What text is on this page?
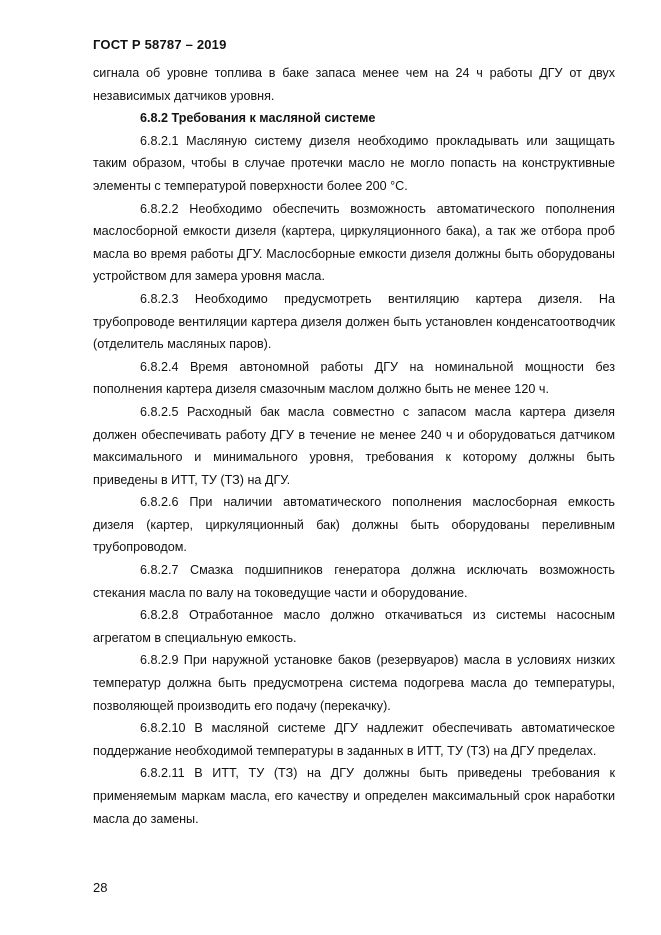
ГОСТ Р 58787 – 2019

сигнала об уровне топлива в баке запаса менее чем на 24 ч работы ДГУ от двух независимых датчиков уровня.

6.8.2 Требования к масляной системе

6.8.2.1 Масляную систему дизеля необходимо прокладывать или защищать таким образом, чтобы в случае протечки масло не могло попасть на конструктивные элементы с температурой поверхности более 200 °С.

6.8.2.2 Необходимо обеспечить возможность автоматического пополнения маслосборной емкости дизеля (картера, циркуляционного бака), а так же отбора проб масла во время работы ДГУ. Маслосборные емкости дизеля должны быть оборудованы устройством для замера уровня масла.

6.8.2.3 Необходимо предусмотреть вентиляцию картера дизеля. На трубопроводе вентиляции картера дизеля должен быть установлен конденсатоотводчик (отделитель масляных паров).

6.8.2.4 Время автономной работы ДГУ на номинальной мощности без пополнения картера дизеля смазочным маслом должно быть не менее 120 ч.

6.8.2.5 Расходный бак масла совместно с запасом масла картера дизеля должен обеспечивать работу ДГУ в течение не менее 240 ч и оборудоваться датчиком максимального и минимального уровня, требования к которому должны быть приведены в ИТТ, ТУ (ТЗ) на ДГУ.

6.8.2.6 При наличии автоматического пополнения маслосборная емкость дизеля (картер, циркуляционный бак) должны быть оборудованы переливным трубопроводом.

6.8.2.7 Смазка подшипников генератора должна исключать возможность стекания масла по валу на токоведущие части и оборудование.

6.8.2.8 Отработанное масло должно откачиваться из системы насосным агрегатом в специальную емкость.

6.8.2.9 При наружной установке баков (резервуаров) масла в условиях низких температур должна быть предусмотрена система подогрева масла до температуры, позволяющей производить его подачу (перекачку).

6.8.2.10 В масляной системе ДГУ надлежит обеспечивать автоматическое поддержание необходимой температуры в заданных в ИТТ, ТУ (ТЗ) на ДГУ пределах.

6.8.2.11 В ИТТ, ТУ (ТЗ) на ДГУ должны быть приведены требования к применяемым маркам масла, его качеству и определен максимальный срок наработки масла до замены.

28
